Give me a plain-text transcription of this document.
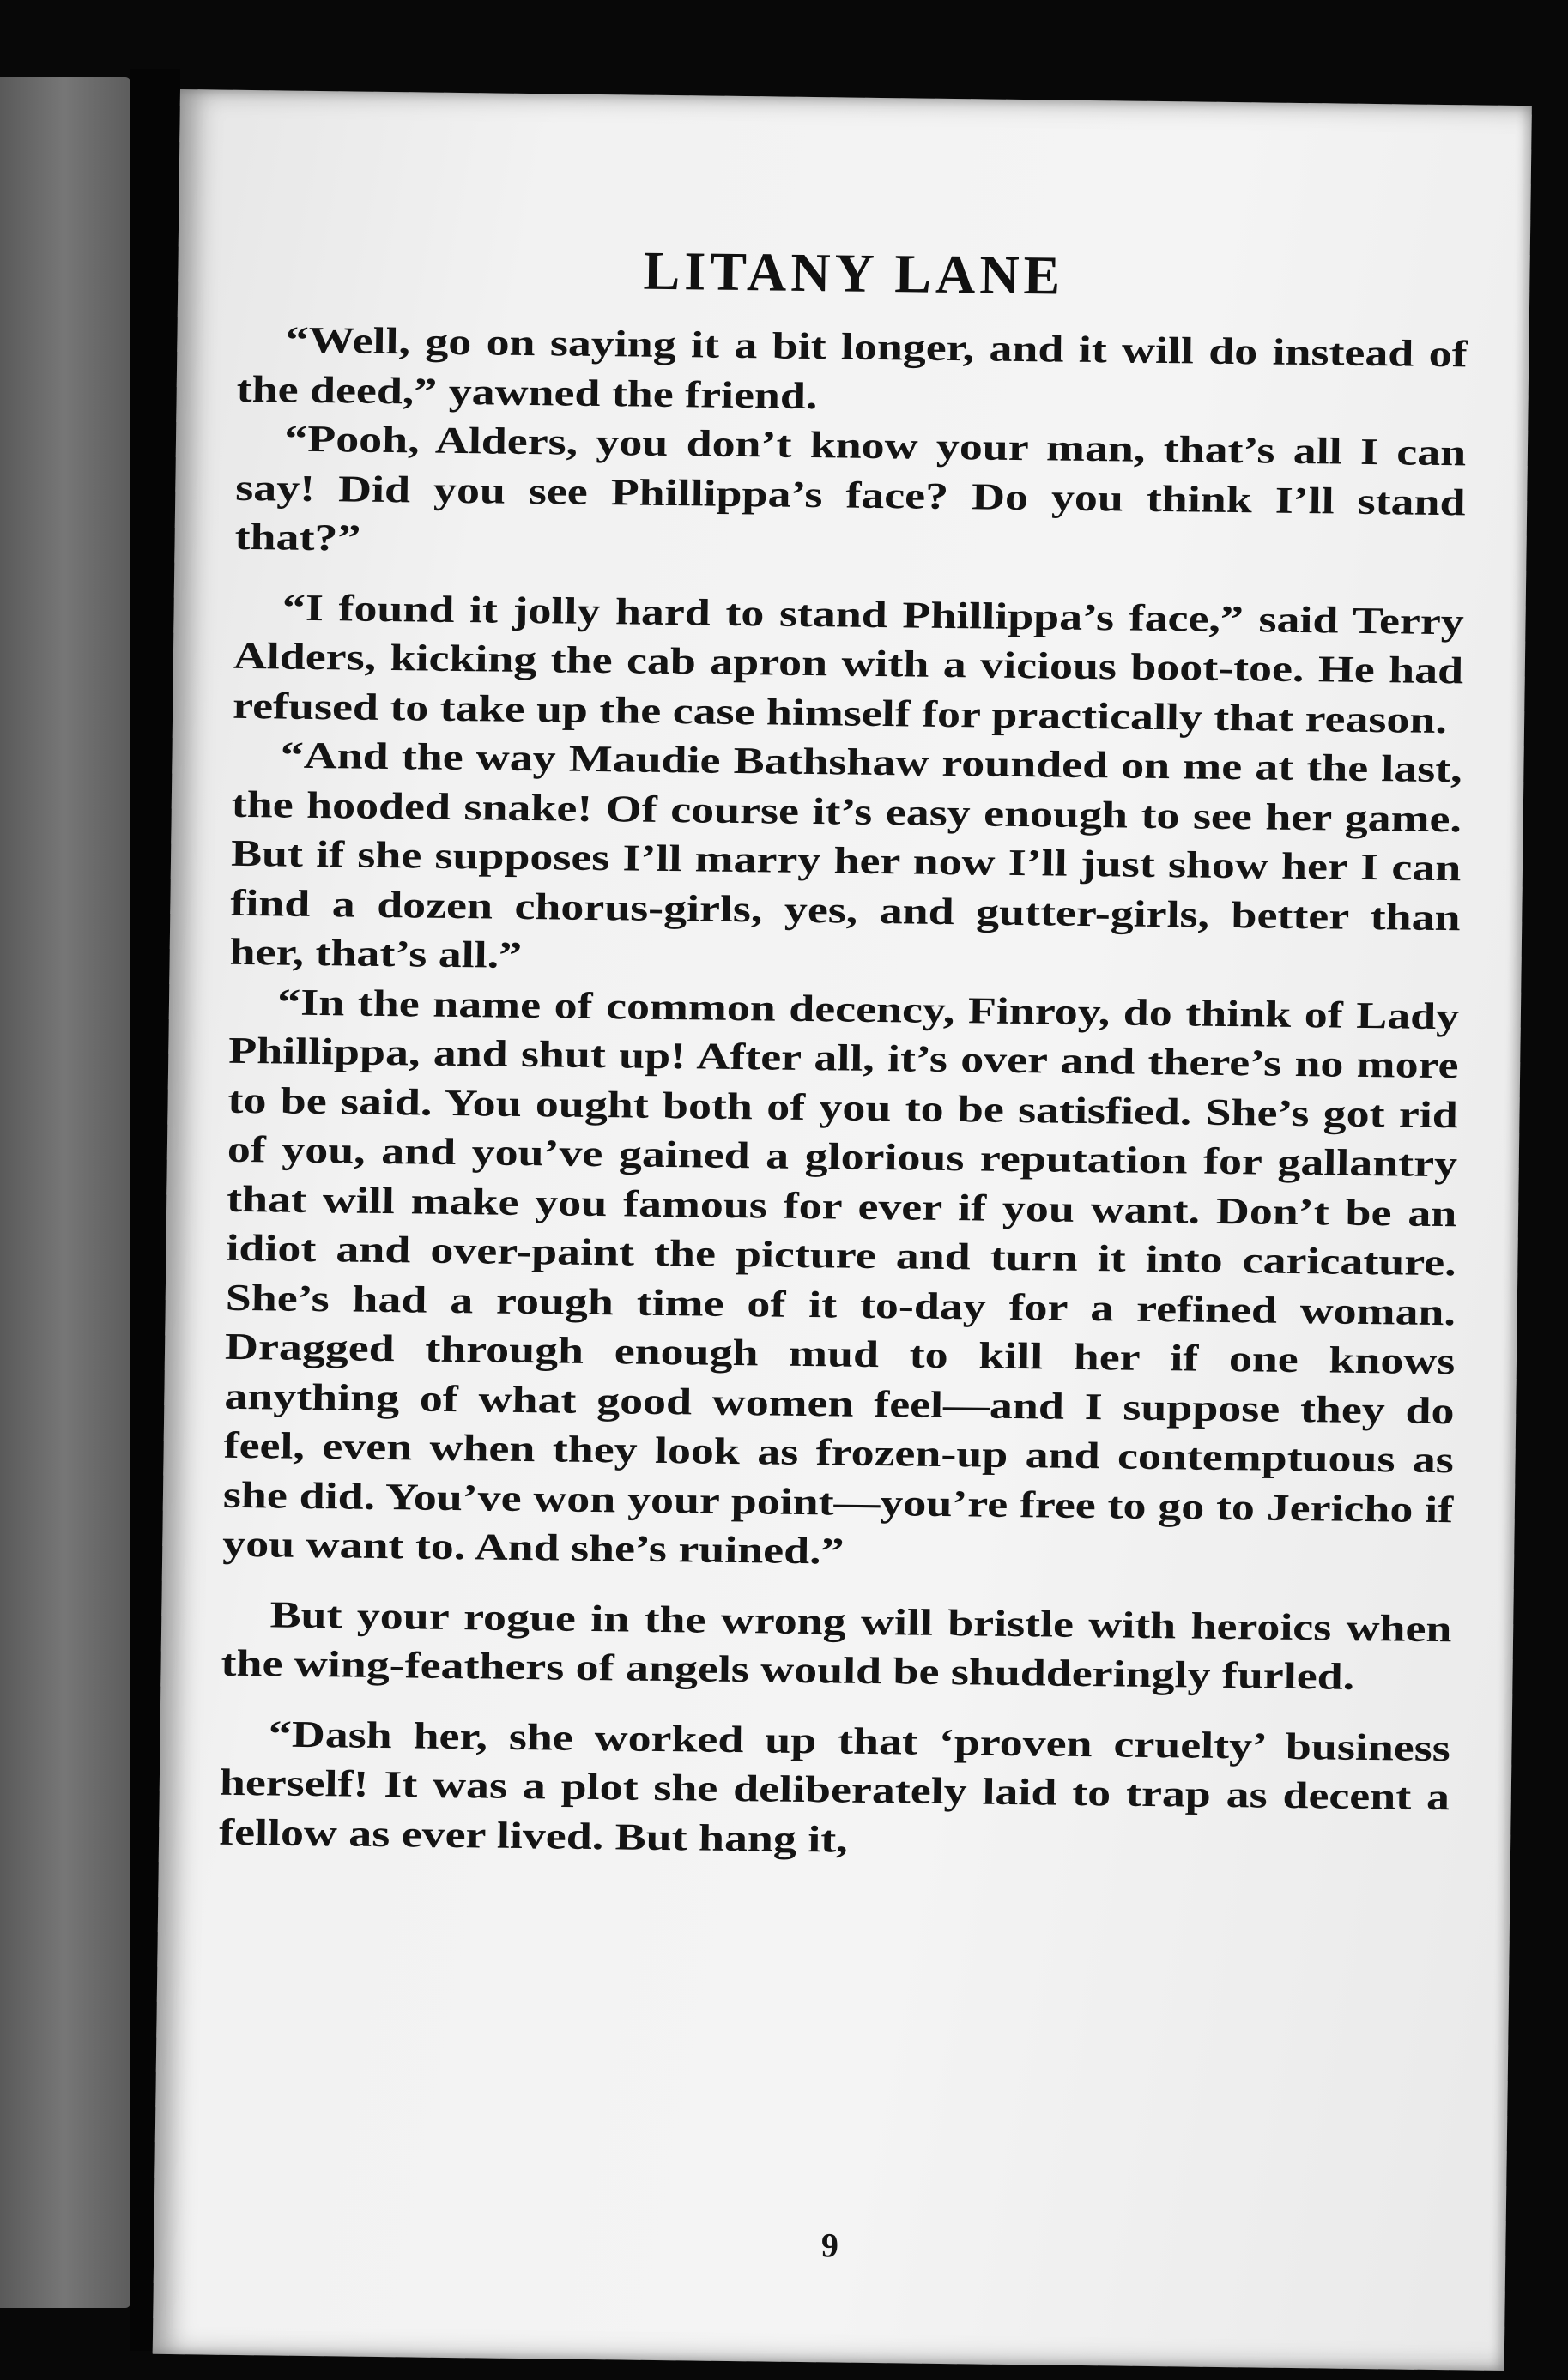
LITANY LANE

“Well, go on saying it a bit longer, and it will do instead of the deed,” yawned the friend.

“Pooh, Alders, you don’t know your man, that’s all I can say! Did you see Phillippa’s face? Do you think I’ll stand that?”

“I found it jolly hard to stand Phillippa’s face,” said Terry Alders, kicking the cab apron with a vicious boot-toe. He had refused to take up the case himself for practically that reason.

“And the way Maudie Bathshaw rounded on me at the last, the hooded snake! Of course it’s easy enough to see her game. But if she supposes I’ll marry her now I’ll just show her I can find a dozen chorus-girls, yes, and gutter-girls, better than her, that’s all.”

“In the name of common decency, Finroy, do think of Lady Phillippa, and shut up! After all, it’s over and there’s no more to be said. You ought both of you to be satisfied. She’s got rid of you, and you’ve gained a glorious reputation for gallantry that will make you famous for ever if you want. Don’t be an idiot and over-paint the picture and turn it into caricature. She’s had a rough time of it to-day for a refined woman. Dragged through enough mud to kill her if one knows anything of what good women feel—and I suppose they do feel, even when they look as frozen-up and contemptuous as she did. You’ve won your point—you’re free to go to Jericho if you want to. And she’s ruined.”

But your rogue in the wrong will bristle with heroics when the wing-feathers of angels would be shudderingly furled.

“Dash her, she worked up that ‘proven cruelty’ business herself! It was a plot she deliberately laid to trap as decent a fellow as ever lived. But hang it,

9
